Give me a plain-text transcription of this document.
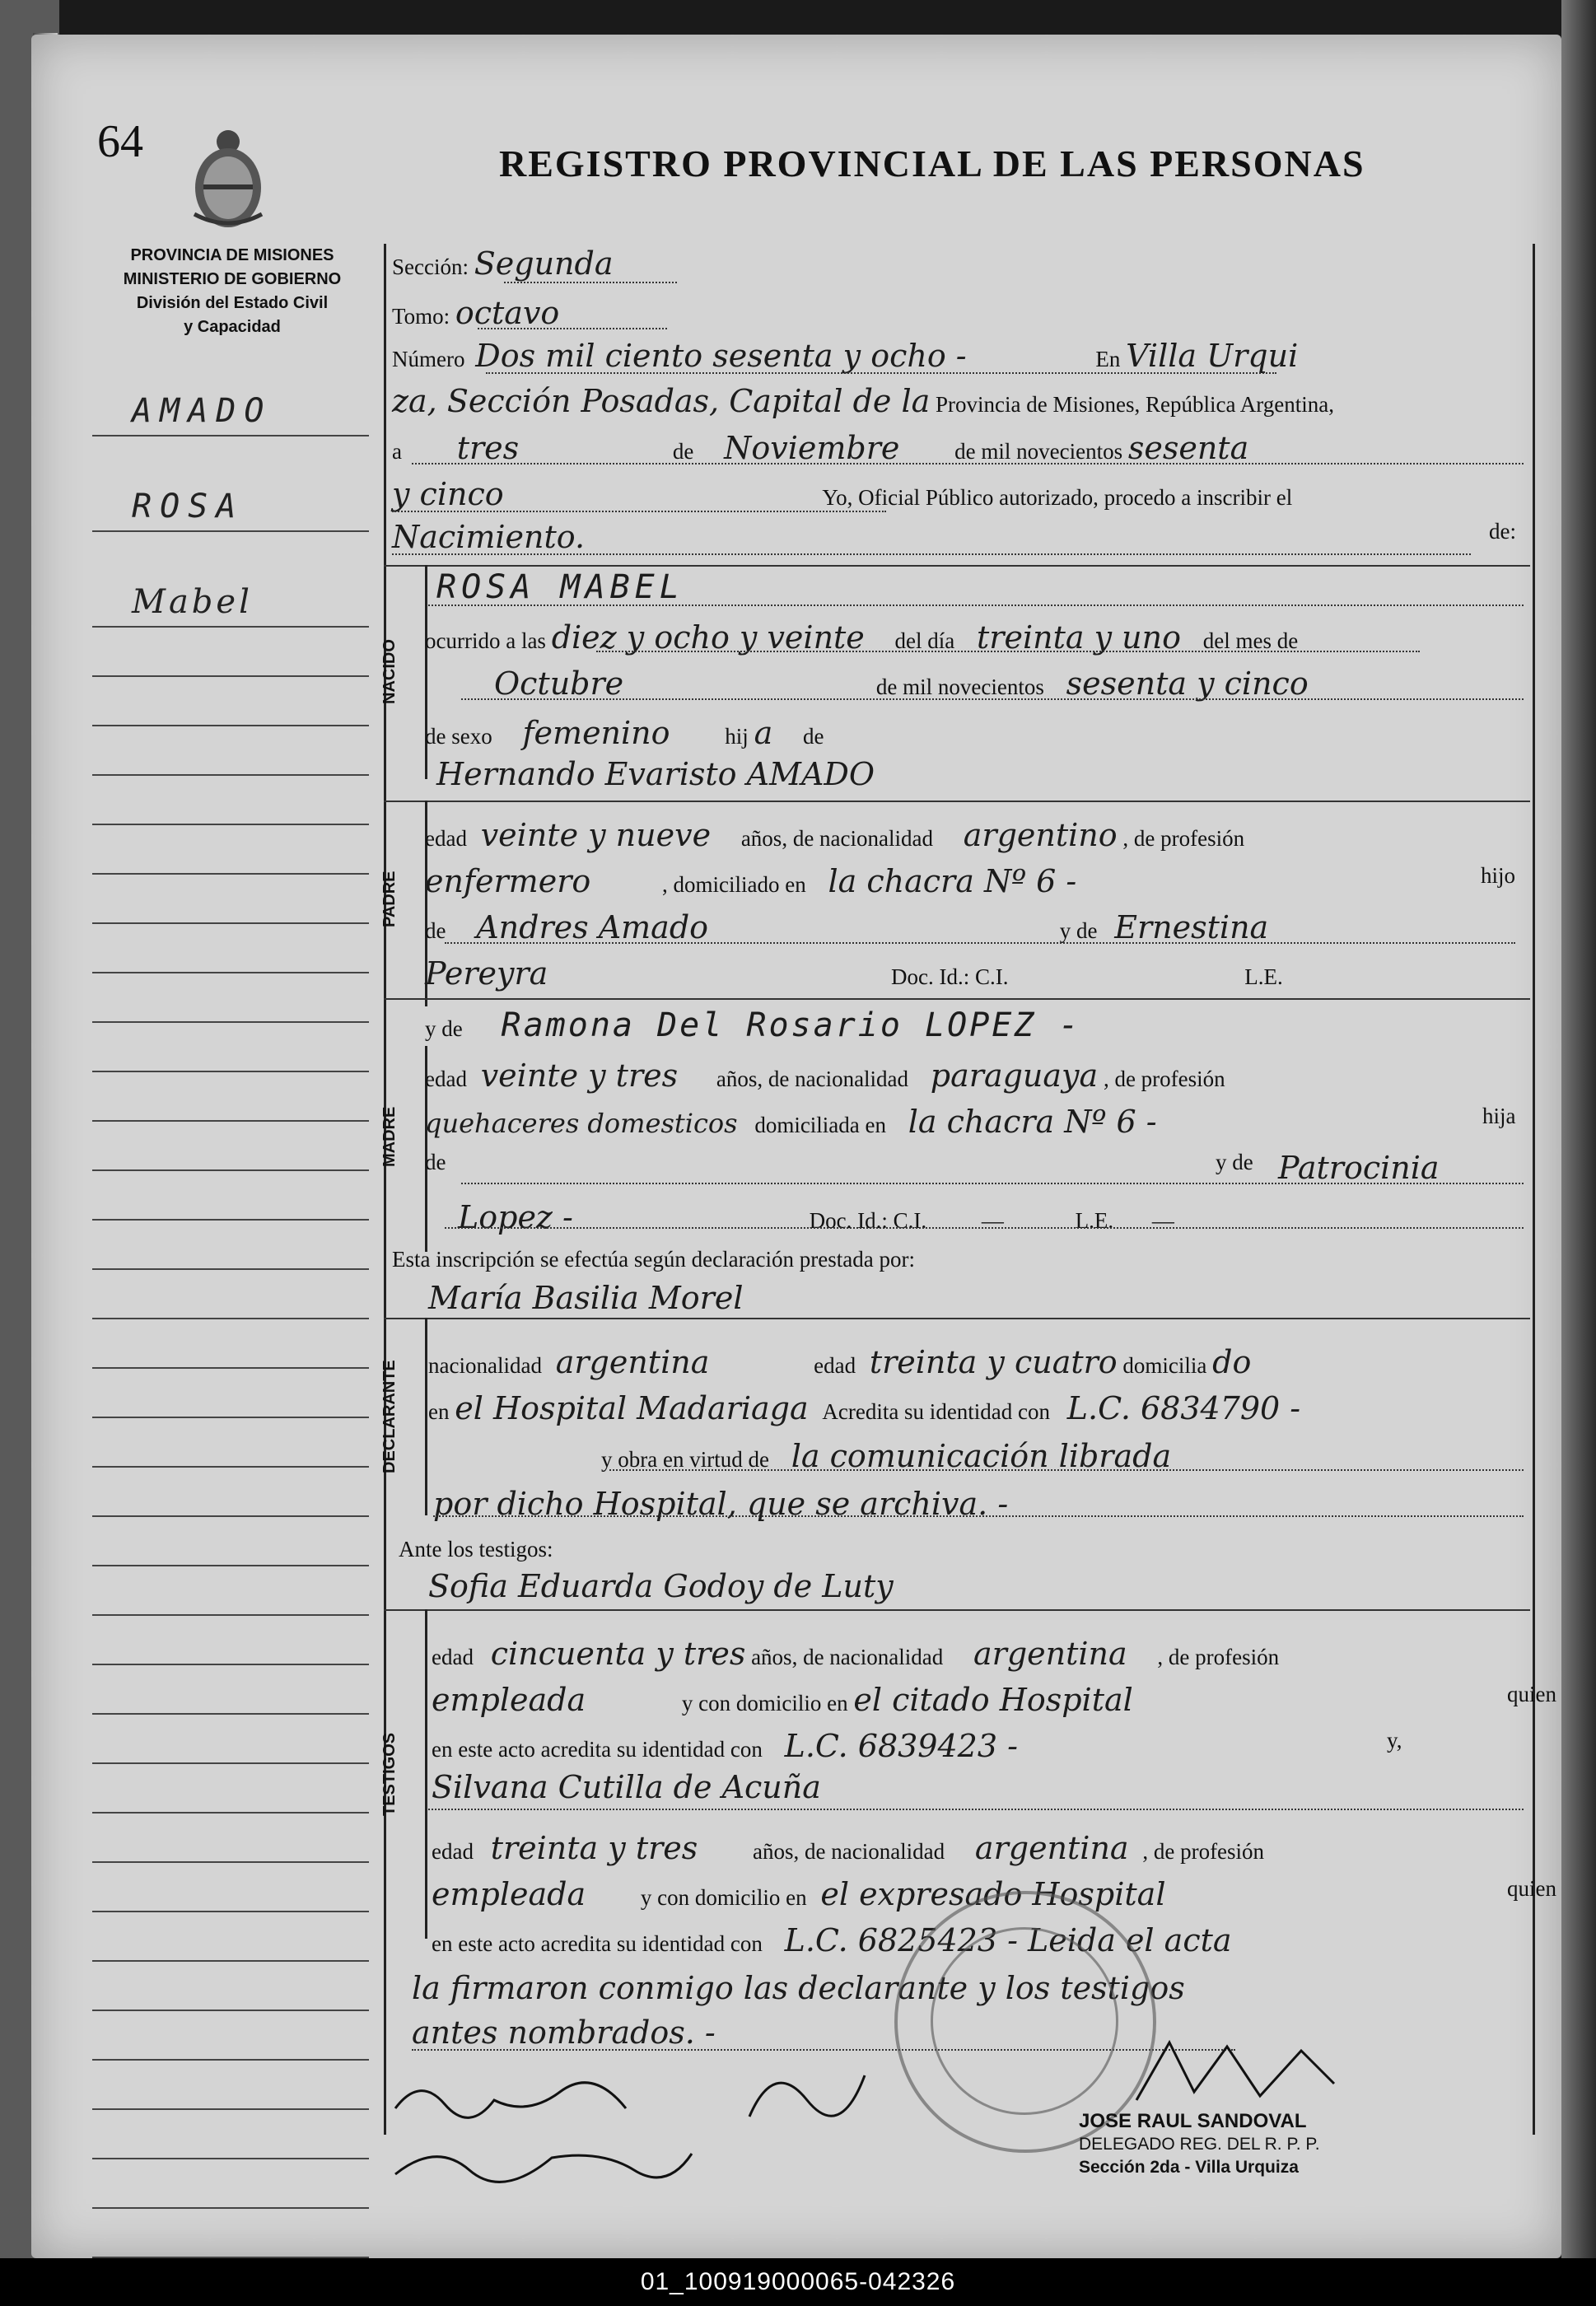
64	REGISTRO PROVINCIAL DE LAS PERSONAS
PROVINCIA DE MISIONES
MINISTERIO DE GOBIERNO
División del Estado Civil
y Capacidad
AMADO
ROSA
Mabel
Sección: Segunda
Tomo: octavo
Número Dos mil ciento sesenta y ocho -	En Villa Urqui
za, Sección Posadas, Capital de la Provincia de Misiones, República Argentina,
a tres	de Noviembre de mil novecientos sesenta
y cinco	Yo, Oficial Público autorizado, procedo a inscribir el
Nacimiento.	de:
NACIDO
ROSA MABEL
ocurrido a las diez y ocho y veinte del día treinta y uno del mes de
Octubre	de mil novecientos sesenta y cinco
de sexo femenino hij a de
Hernando Evaristo AMADO
PADRE
edad veinte y nueve años, de nacionalidad argentino , de profesión
enfermero	, domiciliado en la chacra Nº 6 -	hijo
de Andres Amado	y de Ernestina
Pereyra	Doc. Id.: C.I.	L.E.
y de Ramona Del Rosario LOPEZ -
MADRE
edad veinte y tres años, de nacionalidad paraguaya , de profesión
quehaceres domesticos domiciliada en la chacra Nº 6 -	hija
de	y de Patrocinia
Lopez -	Doc. Id.: C.I. —	L.E. —
Esta inscripción se efectúa según declaración prestada por:
María Basilia Morel
DECLARANTE	nacionalidad argentina	edad treinta y cuatro domicilia do
en el Hospital Madariaga Acredita su identidad con L.C. 6834790 -
y obra en virtud de la comunicación librada
por dicho Hospital, que se archiva. -
Ante los testigos:
Sofia Eduarda Godoy de Luty
TESTIGOS
edad cincuenta y tres años, de nacionalidad argentina , de profesión
empleada	y con domicilio en el citado Hospital	quien
en este acto acredita su identidad con L.C. 6839423 -	y,
Silvana Cutilla de Acuña
edad treinta y tres años, de nacionalidad argentina , de profesión
empleada y con domicilio en el expresado Hospital	quien
en este acto acredita su identidad con L.C. 6825423 - Leida el acta
la firmaron conmigo las declarante y los testigos
antes nombrados. -
JOSE RAUL SANDOVAL
DELEGADO REG. DEL R. P. P.
Sección 2da - Villa Urquiza
01_100919000065-042326
